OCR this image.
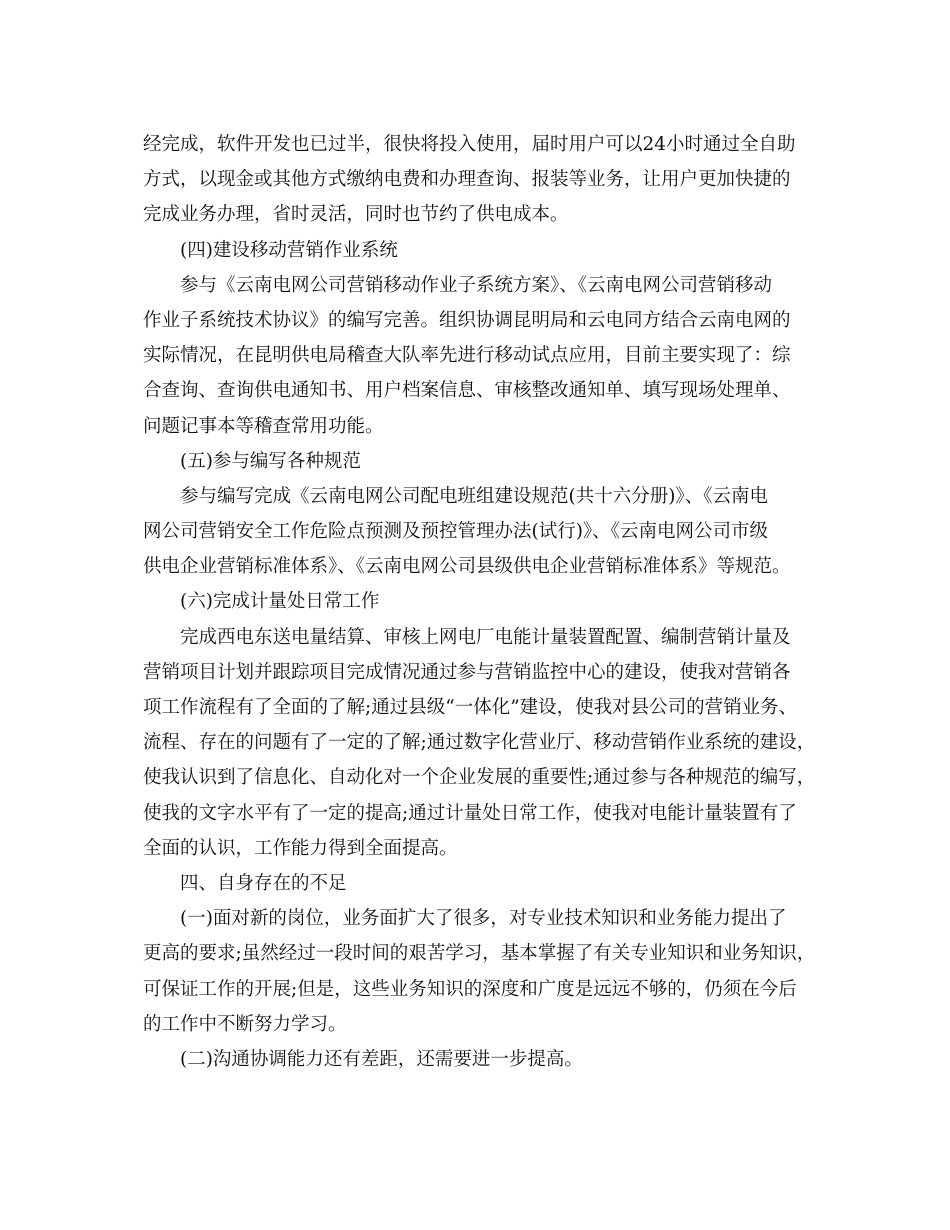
经完成，软件开发也已过半，很快将投入使用，届时用户可以24小时通过全自助
方式，以现金或其他方式缴纳电费和办理查询、报装等业务，让用户更加快捷的
完成业务办理，省时灵活，同时也节约了供电成本。
(四)建设移动营销作业系统
参与《云南电网公司营销移动作业子系统方案》、《云南电网公司营销移动
作业子系统技术协议》的编写完善。组织协调昆明局和云电同方结合云南电网的
实际情况，在昆明供电局稽查大队率先进行移动试点应用，目前主要实现了：综
合查询、查询供电通知书、用户档案信息、审核整改通知单、填写现场处理单、
问题记事本等稽查常用功能。
(五)参与编写各种规范
参与编写完成《云南电网公司配电班组建设规范(共十六分册)》、《云南电
网公司营销安全工作危险点预测及预控管理办法(试行)》、《云南电网公司市级
供电企业营销标准体系》、《云南电网公司县级供电企业营销标准体系》等规范。
(六)完成计量处日常工作
完成西电东送电量结算、审核上网电厂电能计量装置配置、编制营销计量及
营销项目计划并跟踪项目完成情况通过参与营销监控中心的建设，使我对营销各
项工作流程有了全面的了解;通过县级“一体化”建设，使我对县公司的营销业务、
流程、存在的问题有了一定的了解;通过数字化营业厅、移动营销作业系统的建设，
使我认识到了信息化、自动化对一个企业发展的重要性;通过参与各种规范的编写，
使我的文字水平有了一定的提高;通过计量处日常工作，使我对电能计量装置有了
全面的认识，工作能力得到全面提高。
四、自身存在的不足
(一)面对新的岗位，业务面扩大了很多，对专业技术知识和业务能力提出了
更高的要求;虽然经过一段时间的艰苦学习，基本掌握了有关专业知识和业务知识，
可保证工作的开展;但是，这些业务知识的深度和广度是远远不够的，仍须在今后
的工作中不断努力学习。
(二)沟通协调能力还有差距，还需要进一步提高。
